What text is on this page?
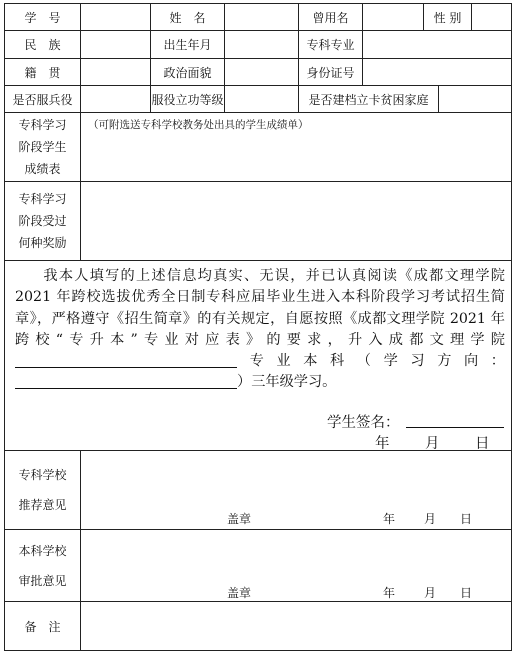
学　号	姓　名	曾用名	性 别
民　族	出生年月	专科专业
籍　贯	政治面貌	身份证号
是否服兵役	服役立功等级	是否建档立卡贫困家庭
专科学习
阶段学生
成绩表
（可附选送专科学校教务处出具的学生成绩单）
专科学习
阶段受过
何种奖励

我本人填写的上述信息均真实、无误，并已认真阅读《成都文理学院 2021 年跨校选拔优秀全日制专科应届毕业生进入本科阶段学习考试招生简章》，严格遵守《招生简章》的有关规定，自愿按照《成都文理学院 2021 年跨校“专升本”专业对应表》的要求，升入成都文理学院专业本科（学习方向：）三年级学习。

学生签名：
年 月 日
专科学校
推荐意见
盖章	年 月 日
本科学校
审批意见
盖章	年 月 日
备　注
